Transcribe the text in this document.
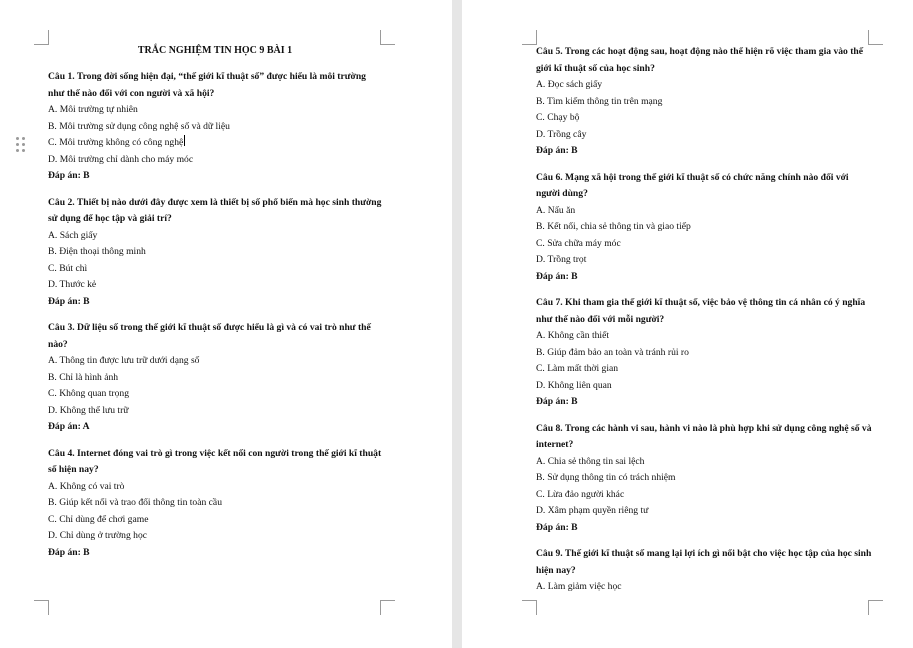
TRẮC NGHIỆM TIN HỌC 9 BÀI 1
Câu 1. Trong đời sống hiện đại, “thế giới kĩ thuật số” được hiểu là môi trường như thế nào đối với con người và xã hội?
A. Môi trường tự nhiên
B. Môi trường sử dụng công nghệ số và dữ liệu
C. Môi trường không có công nghệ
D. Môi trường chỉ dành cho máy móc
Đáp án: B
Câu 2. Thiết bị nào dưới đây được xem là thiết bị số phổ biến mà học sinh thường sử dụng để học tập và giải trí?
A. Sách giấy
B. Điện thoại thông minh
C. Bút chì
D. Thước kẻ
Đáp án: B
Câu 3. Dữ liệu số trong thế giới kĩ thuật số được hiểu là gì và có vai trò như thế nào?
A. Thông tin được lưu trữ dưới dạng số
B. Chỉ là hình ảnh
C. Không quan trọng
D. Không thể lưu trữ
Đáp án: A
Câu 4. Internet đóng vai trò gì trong việc kết nối con người trong thế giới kĩ thuật số hiện nay?
A. Không có vai trò
B. Giúp kết nối và trao đổi thông tin toàn cầu
C. Chỉ dùng để chơi game
D. Chỉ dùng ở trường học
Đáp án: B
Câu 5. Trong các hoạt động sau, hoạt động nào thể hiện rõ việc tham gia vào thế giới kĩ thuật số của học sinh?
A. Đọc sách giấy
B. Tìm kiếm thông tin trên mạng
C. Chạy bộ
D. Trồng cây
Đáp án: B
Câu 6. Mạng xã hội trong thế giới kĩ thuật số có chức năng chính nào đối với người dùng?
A. Nấu ăn
B. Kết nối, chia sẻ thông tin và giao tiếp
C. Sửa chữa máy móc
D. Trồng trọt
Đáp án: B
Câu 7. Khi tham gia thế giới kĩ thuật số, việc bảo vệ thông tin cá nhân có ý nghĩa như thế nào đối với mỗi người?
A. Không cần thiết
B. Giúp đảm bảo an toàn và tránh rủi ro
C. Làm mất thời gian
D. Không liên quan
Đáp án: B
Câu 8. Trong các hành vi sau, hành vi nào là phù hợp khi sử dụng công nghệ số và internet?
A. Chia sẻ thông tin sai lệch
B. Sử dụng thông tin có trách nhiệm
C. Lừa đảo người khác
D. Xâm phạm quyền riêng tư
Đáp án: B
Câu 9. Thế giới kĩ thuật số mang lại lợi ích gì nổi bật cho việc học tập của học sinh hiện nay?
A. Làm giảm việc học
